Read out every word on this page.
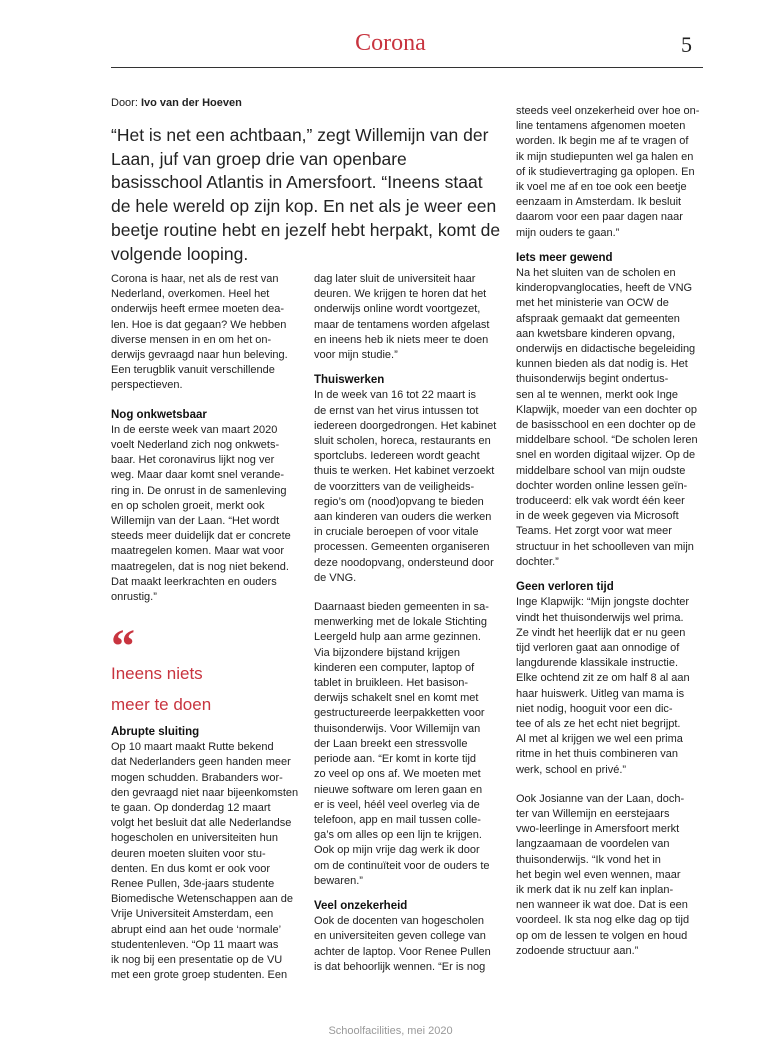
Corona	5
Door: Ivo van der Hoeven
“Het is net een achtbaan,” zegt Willemijn van der Laan, juf van groep drie van openbare basisschool Atlantis in Amersfoort. “Ineens staat de hele wereld op zijn kop. En net als je weer een beetje routine hebt en jezelf hebt herpakt, komt de volgende looping.
Corona is haar, net als de rest van
Nederland, overkomen. Heel het
onderwijs heeft ermee moeten dea-
len. Hoe is dat gegaan? We hebben
diverse mensen in en om het on-
derwijs gevraagd naar hun beleving.
Een terugblik vanuit verschillende
perspectieven.
Nog onkwetsbaar
In de eerste week van maart 2020
voelt Nederland zich nog onkwets-
baar. Het coronavirus lijkt nog ver
weg. Maar daar komt snel verande-
ring in. De onrust in de samenleving
en op scholen groeit, merkt ook
Willemijn van der Laan. “Het wordt
steeds meer duidelijk dat er concrete
maatregelen komen. Maar wat voor
maatregelen, dat is nog niet bekend.
Dat maakt leerkrachten en ouders
onrustig.”
“
Ineens niets
meer te doen
Abrupte sluiting
Op 10 maart maakt Rutte bekend
dat Nederlanders geen handen meer
mogen schudden. Brabanders wor-
den gevraagd niet naar bijeenkomsten
te gaan. Op donderdag 12 maart
volgt het besluit dat alle Nederlandse
hogescholen en universiteiten hun
deuren moeten sluiten voor stu-
denten. En dus komt er ook voor
Renee Pullen, 3de-jaars studente
Biomedische Wetenschappen aan de
Vrije Universiteit Amsterdam, een
abrupt eind aan het oude ‘normale’
studentenleven. “Op 11 maart was
ik nog bij een presentatie op de VU
met een grote groep studenten. Een
dag later sluit de universiteit haar
deuren. We krijgen te horen dat het
onderwijs online wordt voortgezet,
maar de tentamens worden afgelast
en ineens heb ik niets meer te doen
voor mijn studie.”
Thuiswerken
In de week van 16 tot 22 maart is
de ernst van het virus intussen tot
iedereen doorgedrongen. Het kabinet
sluit scholen, horeca, restaurants en
sportclubs. Iedereen wordt geacht
thuis te werken. Het kabinet verzoekt
de voorzitters van de veiligheids-
regio’s om (nood)opvang te bieden
aan kinderen van ouders die werken
in cruciale beroepen of voor vitale
processen. Gemeenten organiseren
deze noodopvang, ondersteund door
de VNG.
Daarnaast bieden gemeenten in sa-
menwerking met de lokale Stichting
Leergeld hulp aan arme gezinnen.
Via bijzondere bijstand krijgen
kinderen een computer, laptop of
tablet in bruikleen. Het basison-
derwijs schakelt snel en komt met
gestructureerde leerpakketten voor
thuisonderwijs. Voor Willemijn van
der Laan breekt een stressvolle
periode aan. “Er komt in korte tijd
zo veel op ons af. We moeten met
nieuwe software om leren gaan en
er is veel, héél veel overleg via de
telefoon, app en mail tussen colle-
ga’s om alles op een lijn te krijgen.
Ook op mijn vrije dag werk ik door
om de continuïteit voor de ouders te
bewaren.”
Veel onzekerheid
Ook de docenten van hogescholen
en universiteiten geven college van
achter de laptop. Voor Renee Pullen
is dat behoorlijk wennen. “Er is nog
steeds veel onzekerheid over hoe on-
line tentamens afgenomen moeten
worden. Ik begin me af te vragen of
ik mijn studiepunten wel ga halen en
of ik studievertraging ga oplopen. En
ik voel me af en toe ook een beetje
eenzaam in Amsterdam. Ik besluit
daarom voor een paar dagen naar
mijn ouders te gaan.”
Iets meer gewend
Na het sluiten van de scholen en
kinderopvanglocaties, heeft de VNG
met het ministerie van OCW de
afspraak gemaakt dat gemeenten
aan kwetsbare kinderen opvang,
onderwijs en didactische begeleiding
kunnen bieden als dat nodig is. Het
thuisonderwijs begint ondertus-
sen al te wennen, merkt ook Inge
Klapwijk, moeder van een dochter op
de basisschool en een dochter op de
middelbare school. “De scholen leren
snel en worden digitaal wijzer. Op de
middelbare school van mijn oudste
dochter worden online lessen geïn-
troduceerd: elk vak wordt één keer
in de week gegeven via Microsoft
Teams. Het zorgt voor wat meer
structuur in het schoolleven van mijn
dochter.”
Geen verloren tijd
Inge Klapwijk: “Mijn jongste dochter
vindt het thuisonderwijs wel prima.
Ze vindt het heerlijk dat er nu geen
tijd verloren gaat aan onnodige of
langdurende klassikale instructie.
Elke ochtend zit ze om half 8 al aan
haar huiswerk. Uitleg van mama is
niet nodig, hooguit voor een dic-
tee of als ze het echt niet begrijpt.
Al met al krijgen we wel een prima
ritme in het thuis combineren van
werk, school en privé.”
Ook Josianne van der Laan, doch-
ter van Willemijn en eerstejaars
vwo-leerlinge in Amersfoort merkt
langzaamaan de voordelen van
thuisonderwijs. “Ik vond het in
het begin wel even wennen, maar
ik merk dat ik nu zelf kan inplan-
nen wanneer ik wat doe. Dat is een
voordeel. Ik sta nog elke dag op tijd
op om de lessen te volgen en houd
zodoende structuur aan.”
Schoolfacilities, mei 2020
